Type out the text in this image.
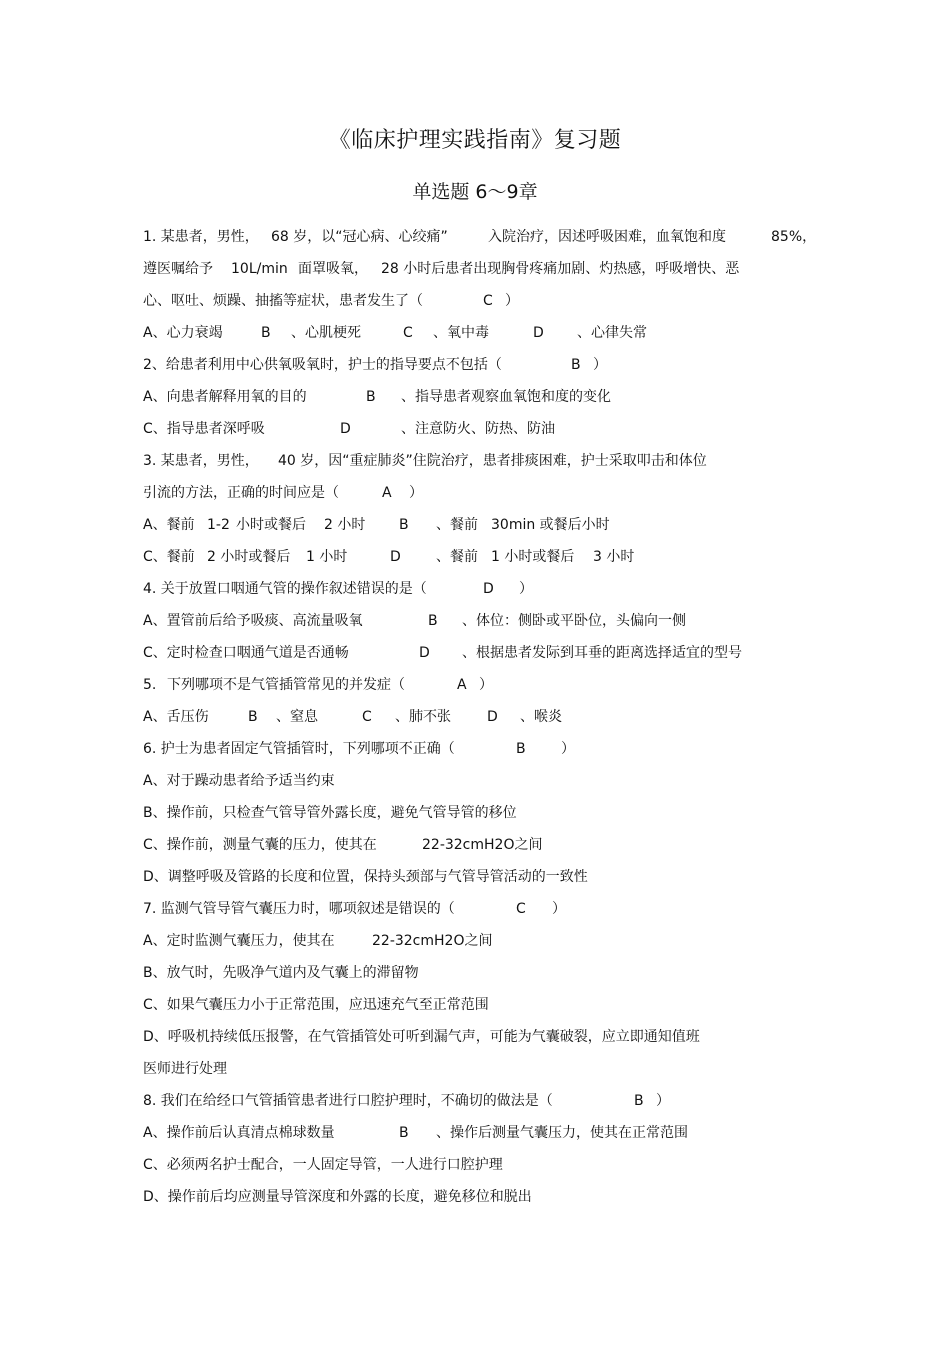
《临床护理实践指南》复习题
单选题 6～9章
1. 某患者，男性， 68 岁，以“冠心病、心绞痛”	入院治疗，因述呼吸困难，血氧饱和度	85%，
遵医嘱给予 10L/min 面罩吸氧， 28 小时后患者出现胸骨疼痛加剧、灼热感，呼吸增快、恶
心、呕吐、烦躁、抽搐等症状，患者发生了（	C ）
A、心力衰竭	B 、心肌梗死	C 、氧中毒	D 、心律失常
2、给患者利用中心供氧吸氧时，护士的指导要点不包括（	B ）
A、向患者解释用氧的目的	B 、指导患者观察血氧饱和度的变化
C、指导患者深呼吸	D	、注意防火、防热、防油
3. 某患者，男性， 40 岁，因“重症肺炎”住院治疗，患者排痰困难，护士采取叩击和体位
引流的方法，正确的时间应是（	A ）
A、餐前 1-2 小时或餐后 2 小时 B 、餐前 30min 或餐后小时
C、餐前 2 小时或餐后 1 小时	D	、餐前 1 小时或餐后 3 小时
4. 关于放置口咽通气管的操作叙述错误的是（	D ）
A、置管前后给予吸痰、高流量吸氧	B 、体位：侧卧或平卧位，头偏向一侧
C、定时检查口咽通气道是否通畅	D 、根据患者发际到耳垂的距离选择适宜的型号
5. 下列哪项不是气管插管常见的并发症（	A ）
A、舌压伤	B 、窒息	C 、肺不张	D 、喉炎
6. 护士为患者固定气管插管时，下列哪项不正确（	B	）
A、对于躁动患者给予适当约束
B、操作前，只检查气管导管外露长度，避免气管导管的移位
C、操作前，测量气囊的压力，使其在	22-32cmH2O之间
D、调整呼吸及管路的长度和位置，保持头颈部与气管导管活动的一致性
7. 监测气管导管气囊压力时，哪项叙述是错误的（	C ）
A、定时监测气囊压力，使其在	22-32cmH2O之间
B、放气时，先吸净气道内及气囊上的滞留物
C、如果气囊压力小于正常范围，应迅速充气至正常范围
D、呼吸机持续低压报警，在气管插管处可听到漏气声，可能为气囊破裂，应立即通知值班
医师进行处理
8. 我们在给经口气管插管患者进行口腔护理时，不确切的做法是（	B ）
A、操作前后认真清点棉球数量	B 、操作后测量气囊压力，使其在正常范围
C、必须两名护士配合，一人固定导管，一人进行口腔护理
D、操作前后均应测量导管深度和外露的长度，避免移位和脱出
